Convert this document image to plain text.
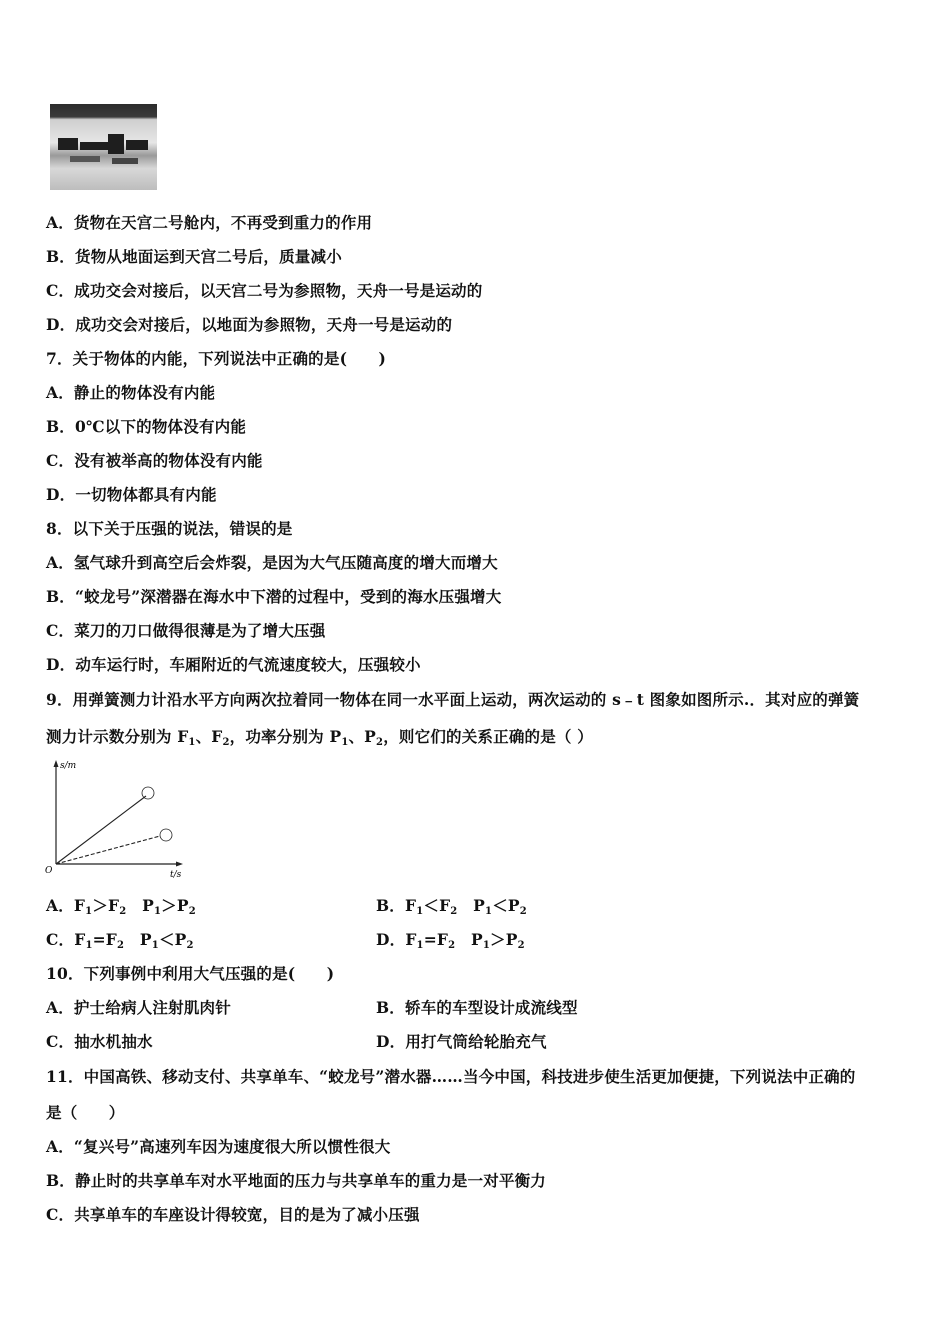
A．货物在天宫二号舱内，不再受到重力的作用
B．货物从地面运到天宫二号后，质量减小
C．成功交会对接后，以天宫二号为参照物，天舟一号是运动的
D．成功交会对接后，以地面为参照物，天舟一号是运动的
7．关于物体的内能，下列说法中正确的是(　　)
A．静止的物体没有内能
B．0℃以下的物体没有内能
C．没有被举高的物体没有内能
D．一切物体都具有内能
8．以下关于压强的说法，错误的是
A．氢气球升到高空后会炸裂，是因为大气压随高度的增大而增大
B．“蛟龙号”深潜器在海水中下潜的过程中，受到的海水压强增大
C．菜刀的刀口做得很薄是为了增大压强
D．动车运行时，车厢附近的气流速度较大，压强较小
9．用弹簧测力计沿水平方向两次拉着同一物体在同一水平面上运动，两次运动的 s﹣t 图象如图所示.．其对应的弹簧
测力计示数分别为 $F_1$、$F_2$，功率分别为 $P_1$、$P_2$，则它们的关系正确的是（ ）
s/m
t/s
O
A．$F_1>F_2$　$P_1>P_2$	B．$F_1<F_2$　$P_1<P_2$
C．$F_1=F_2$　$P_1<P_2$	D．$F_1=F_2$　$P_1>P_2$
10．下列事例中利用大气压强的是(　　)
A．护士给病人注射肌肉针	B．轿车的车型设计成流线型
C．抽水机抽水	D．用打气筒给轮胎充气
11．中国高铁、移动支付、共享单车、“蛟龙号”潜水器……当今中国，科技进步使生活更加便捷，下列说法中正确的
是（　　）
A．“复兴号”高速列车因为速度很大所以惯性很大
B．静止时的共享单车对水平地面的压力与共享单车的重力是一对平衡力
C．共享单车的车座设计得较宽，目的是为了减小压强
